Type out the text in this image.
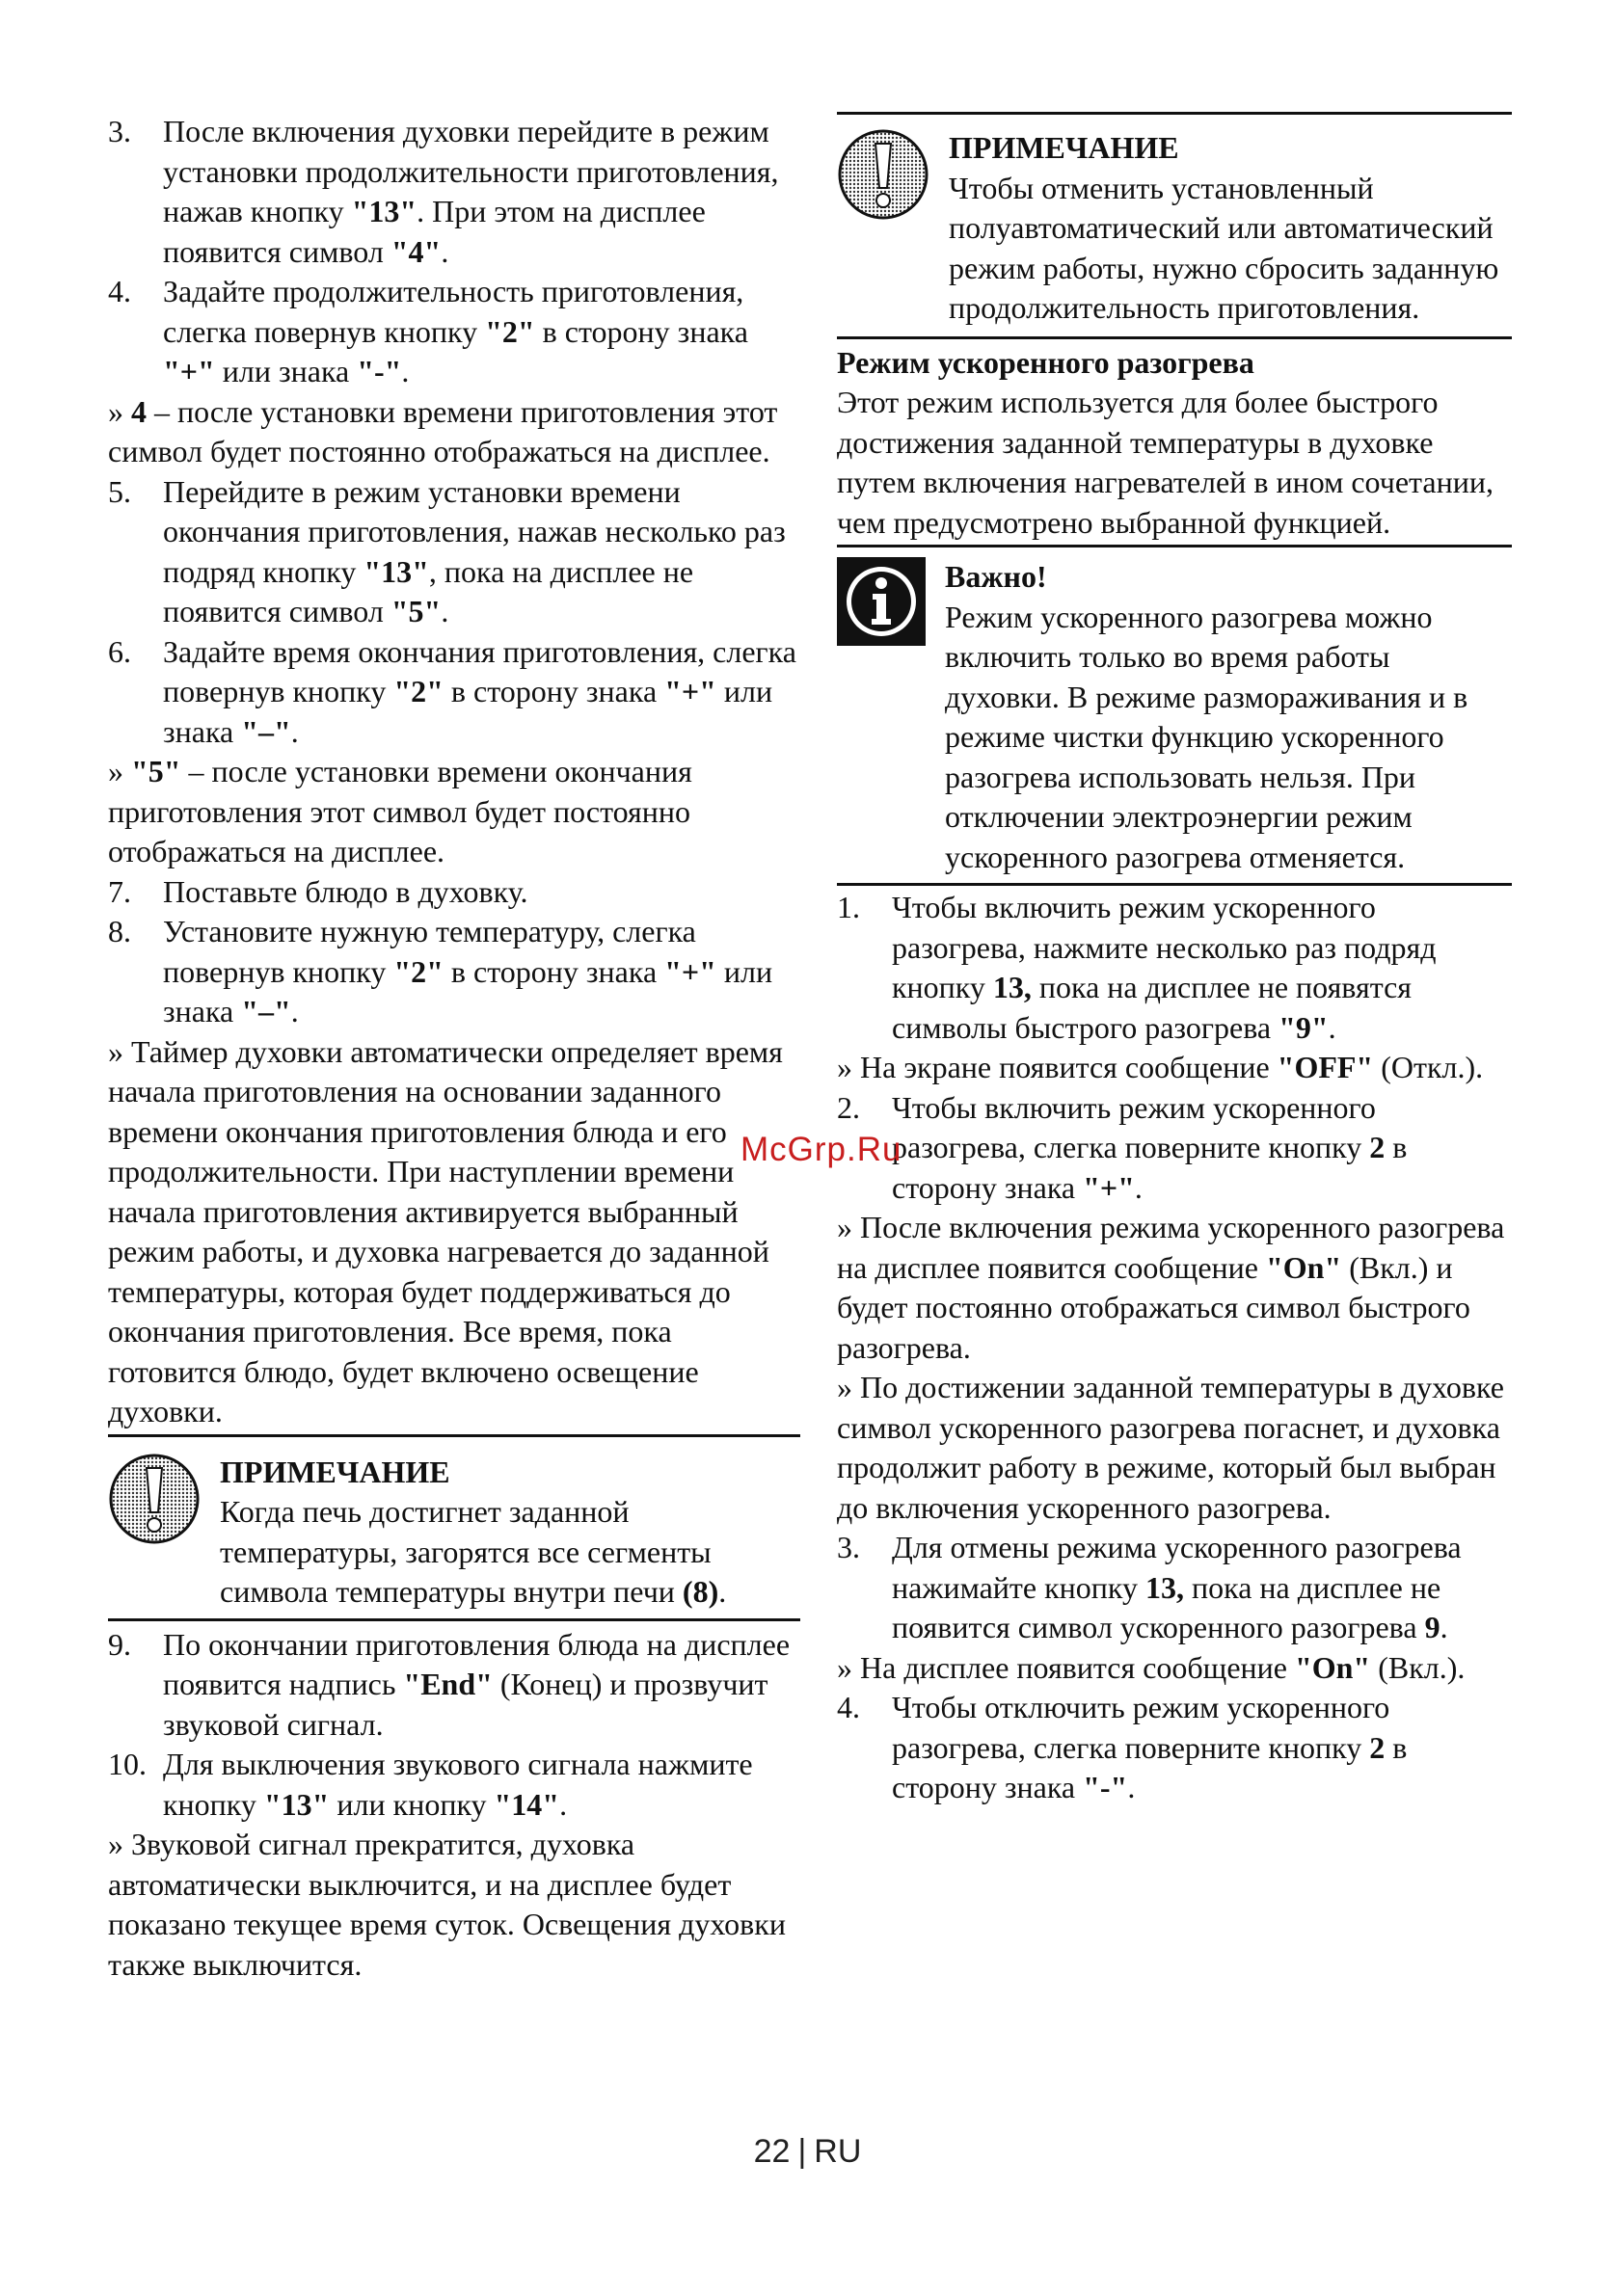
3. После включения духовки перейдите в режим установки продолжительности приготовления, нажав кнопку "13". При этом на дисплее появится символ "4".
4. Задайте продолжительность приготовления, слегка повернув кнопку "2" в сторону знака "+" или знака "-".
» 4 – после установки времени приготовления этот символ будет постоянно отображаться на дисплее.
5. Перейдите в режим установки времени окончания приготовления, нажав несколько раз подряд кнопку "13", пока на дисплее не появится символ "5".
6. Задайте время окончания приготовления, слегка повернув кнопку "2" в сторону знака "+" или знака "–".
» "5" – после установки времени окончания приготовления этот символ будет постоянно отображаться на дисплее.
7. Поставьте блюдо в духовку.
8. Установите нужную температуру, слегка повернув кнопку "2" в сторону знака "+" или знака "–".
» Таймер духовки автоматически определяет время начала приготовления на основании заданного времени окончания приготовления блюда и его продолжительности. При наступлении времени начала приготовления активируется выбранный режим работы, и духовка нагревается до заданной температуры, которая будет поддерживаться до окончания приготовления. Все время, пока готовится блюдо, будет включено освещение духовки.
ПРИМЕЧАНИЕ
Когда печь достигнет заданной температуры, загорятся все сегменты символа температуры внутри печи (8).
9. По окончании приготовления блюда на дисплее появится надпись "End" (Конец) и прозвучит звуковой сигнал.
10. Для выключения звукового сигнала нажмите кнопку "13" или кнопку "14".
» Звуковой сигнал прекратится, духовка автоматически выключится, и на дисплее будет показано текущее время суток. Освещения духовки также выключится.
ПРИМЕЧАНИЕ
Чтобы отменить установленный полуавтоматический или автоматический режим работы, нужно сбросить заданную продолжительность приготовления.
Режим ускоренного разогрева
Этот режим используется для более быстрого достижения заданной температуры в духовке путем включения нагревателей в ином сочетании, чем предусмотрено выбранной функцией.
Важно!
Режим ускоренного разогрева можно включить только во время работы духовки. В режиме размораживания и в режиме чистки функцию ускоренного разогрева использовать нельзя. При отключении электроэнергии режим ускоренного разогрева отменяется.
1. Чтобы включить режим ускоренного разогрева, нажмите несколько раз подряд кнопку 13, пока на дисплее не появятся символы быстрого разогрева "9".
» На экране появится сообщение "OFF" (Откл.).
2. Чтобы включить режим ускоренного разогрева, слегка поверните кнопку 2 в сторону знака "+".
» После включения режима ускоренного разогрева на дисплее появится сообщение "On" (Вкл.) и будет постоянно отображаться символ быстрого разогрева.
» По достижении заданной температуры в духовке символ ускоренного разогрева погаснет, и духовка продолжит работу в режиме, который был выбран до включения ускоренного разогрева.
3. Для отмены режима ускоренного разогрева нажимайте кнопку 13, пока на дисплее не появится символ ускоренного разогрева 9.
» На дисплее появится сообщение "On" (Вкл.).
4. Чтобы отключить режим ускоренного разогрева, слегка поверните кнопку 2 в сторону знака "-".
McGrp.Ru
22 | RU
